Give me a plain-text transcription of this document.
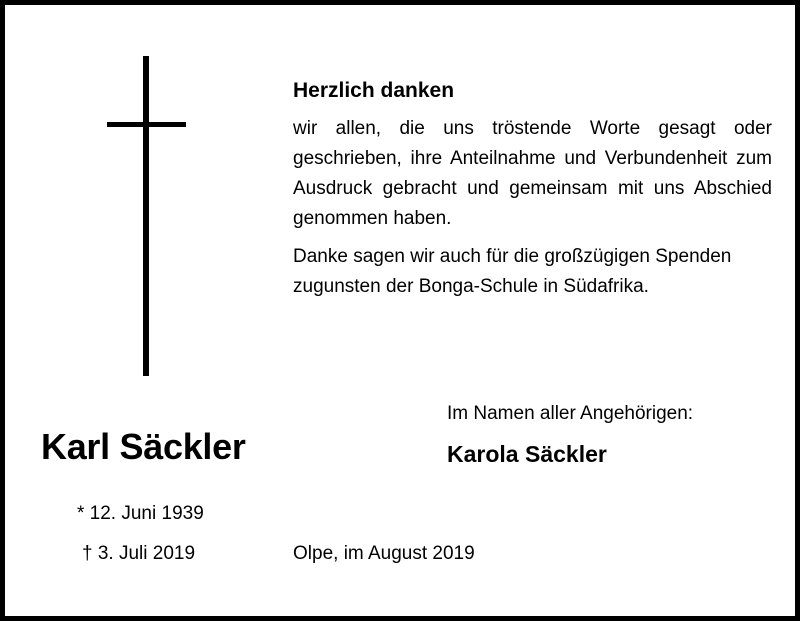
Herzlich danken
wir allen, die uns tröstende Worte gesagt oder geschrieben, ihre Anteilnahme und Verbundenheit zum Ausdruck gebracht und gemeinsam mit uns Abschied genommen haben.
Danke sagen wir auch für die großzügigen Spenden zugunsten der Bonga-Schule in Südafrika.
Karl Säckler
* 12. Juni 1939
† 3. Juli 2019
Im Namen aller Angehörigen:
Karola Säckler
Olpe, im August 2019
